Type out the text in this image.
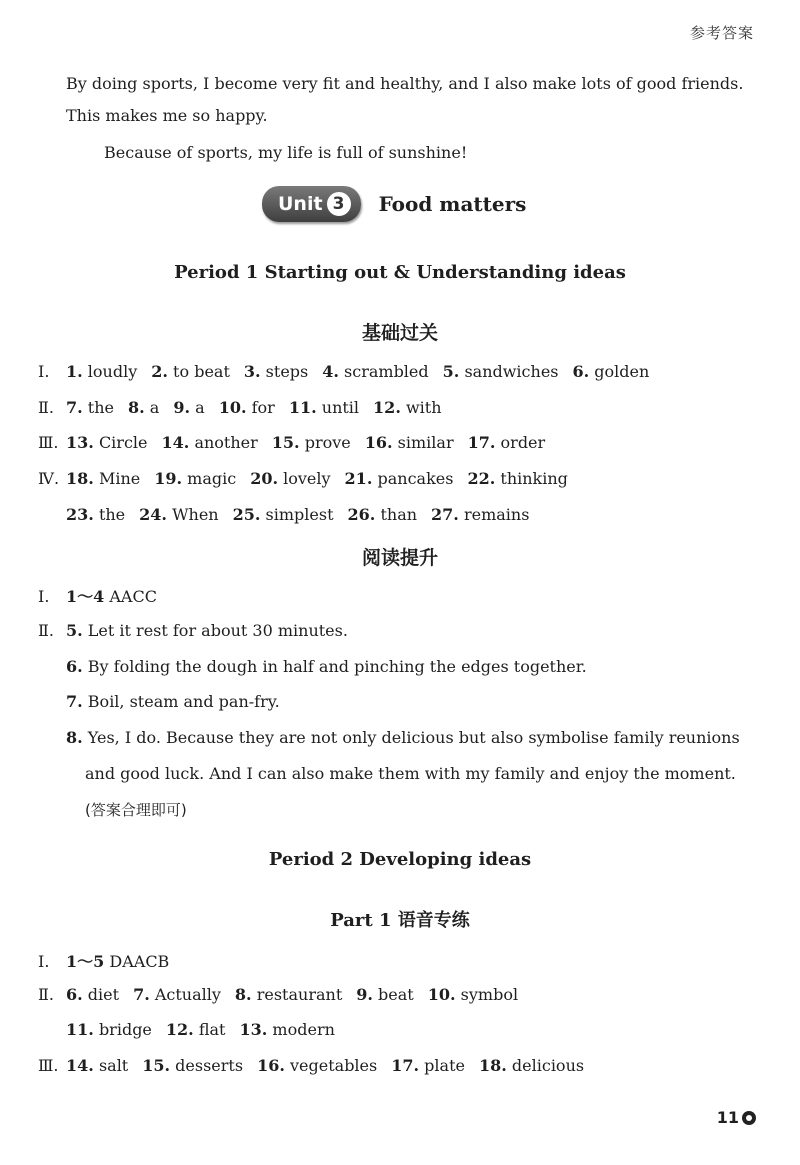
参考答案
By doing sports, I become very fit and healthy, and I also make lots of good friends.
This makes me so happy.
Because of sports, my life is full of sunshine!
Unit 3	Food matters
Period 1 Starting out & Understanding ideas
基础过关
Ⅰ.	1. loudly 2. to beat 3. steps 4. scrambled 5. sandwiches 6. golden
Ⅱ. 7. the 8. a 9. a 10. for 11. until 12. with
Ⅲ. 13. Circle 14. another 15. prove 16. similar 17. order
Ⅳ. 18. Mine 19. magic 20. lovely 21. pancakes 22. thinking
23. the 24. When 25. simplest 26. than 27. remains
阅读提升
Ⅰ.	1～4
AACC
Ⅱ. 5.
Let it rest for about 30 minutes.
6.
By folding the dough in half and pinching the edges together.
7.
Boil, steam and pan-fry.
8.
Yes, I do. Because they are not only delicious but also symbolise family reunions
and good luck. And I can also make them with my family and enjoy the moment.
(答案合理即可)
Period 2 Developing ideas
Part 1 语音专练
Ⅰ.	1～5
DAACB
Ⅱ. 6. diet 7. Actually 8. restaurant 9. beat 10. symbol
11. bridge 12. flat 13. modern
Ⅲ. 14. salt 15. desserts 16. vegetables 17. plate 18. delicious
11
